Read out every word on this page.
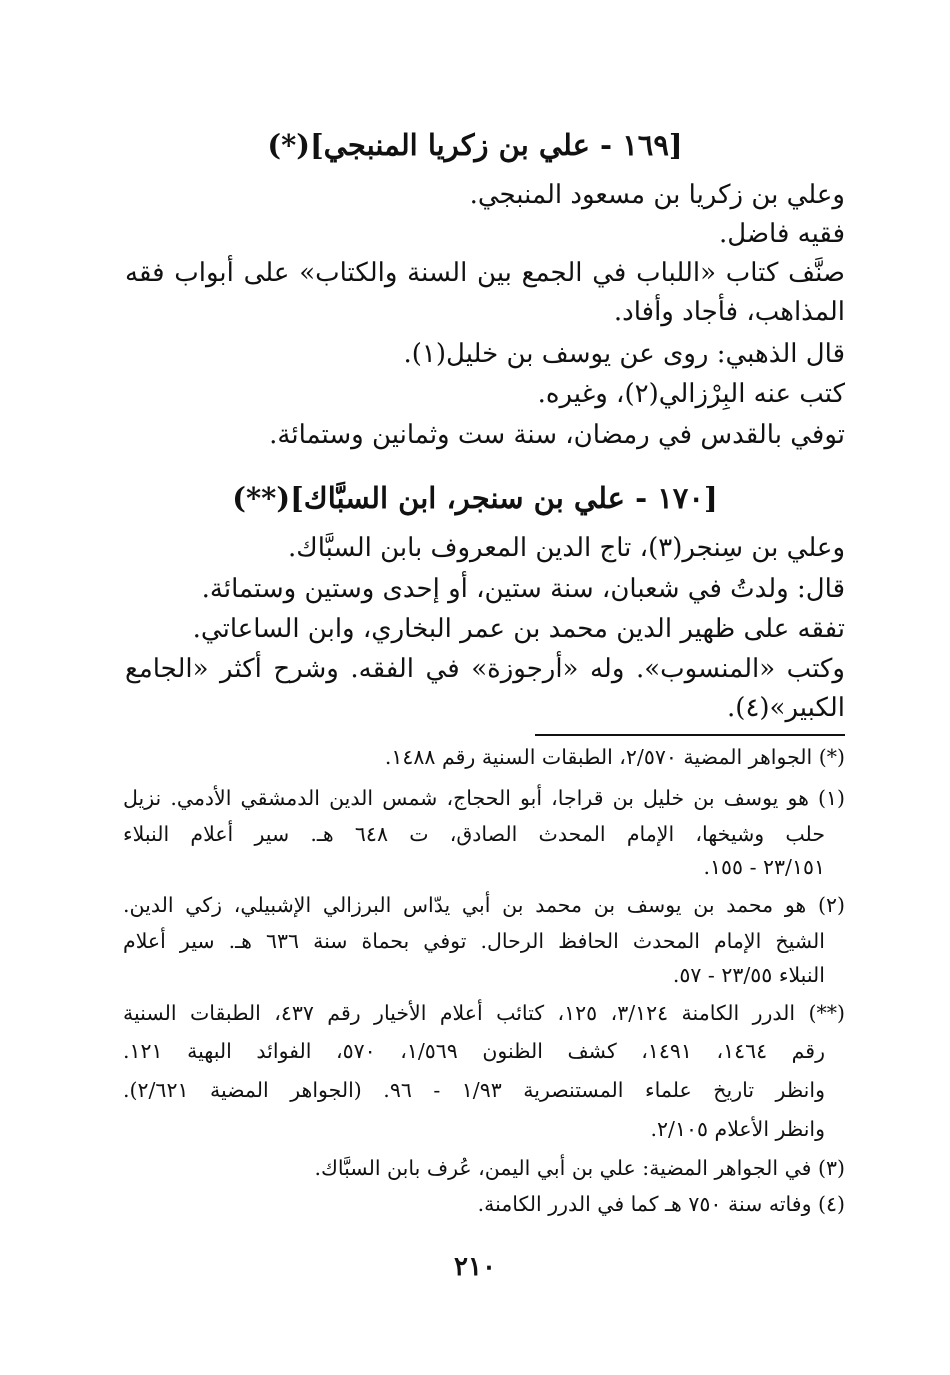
[١٦٩ - علي بن زكريا المنبجي](*)
وعلي بن زكريا بن مسعود المنبجي.
فقيه فاضل.
صنَّف كتاب «اللباب في الجمع بين السنة والكتاب» على أبواب فقه
المذاهب، فأجاد وأفاد.
قال الذهبي: روى عن يوسف بن خليل(١).
كتب عنه البِرْزالي(٢)، وغيره.
توفي بالقدس في رمضان، سنة ست وثمانين وستمائة.
[١٧٠ - علي بن سنجر، ابن السبَّاك](**)
وعلي بن سِنجر(٣)، تاج الدين المعروف بابن السبَّاك.
قال: ولدتُ في شعبان، سنة ستين، أو إحدى وستين وستمائة.
تفقه على ظهير الدين محمد بن عمر البخاري، وابن الساعاتي.
وكتب «المنسوب». وله «أرجوزة» في الفقه. وشرح أكثر «الجامع
الكبير»(٤).
(*) الجواهر المضية ٢/٥٧٠، الطبقات السنية رقم ١٤٨٨.
(١) هو يوسف بن خليل بن قراجا، أبو الحجاج، شمس الدين الدمشقي الأدمي. نزيل
حلب وشيخها، الإمام المحدث الصادق، ت ٦٤٨ هـ. سير أعلام النبلاء
٢٣/١٥١ - ١٥٥.
(٢) هو محمد بن يوسف بن محمد بن أبي يدّاس البرزالي الإشبيلي، زكي الدين.
الشيخ الإمام المحدث الحافظ الرحال. توفي بحماة سنة ٦٣٦ هـ. سير أعلام
النبلاء ٢٣/٥٥ - ٥٧.
(**) الدرر الكامنة ٣/١٢٤، ١٢٥، كتائب أعلام الأخيار رقم ٤٣٧، الطبقات السنية
رقم ١٤٦٤، ١٤٩١، كشف الظنون ١/٥٦٩، ٥٧٠، الفوائد البهية ١٢١.
وانظر تاريخ علماء المستنصرية ١/٩٣ - ٩٦. (الجواهر المضية ٢/٦٢١).
وانظر الأعلام ٢/١٠٥.
(٣) في الجواهر المضية: علي بن أبي اليمن، عُرف بابن السبَّاك.
(٤) وفاته سنة ٧٥٠ هـ كما في الدرر الكامنة.
٢١٠
